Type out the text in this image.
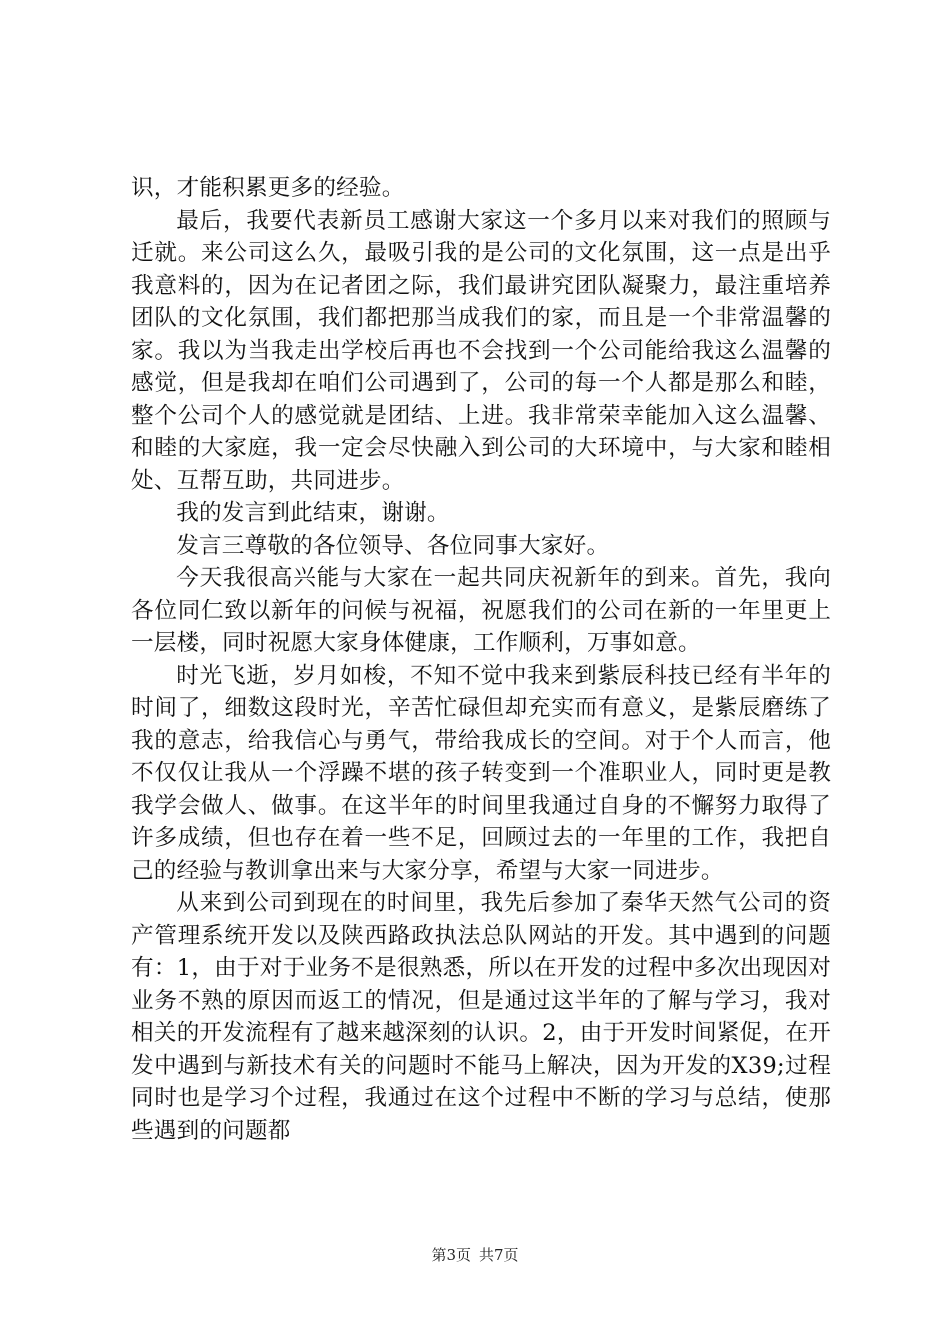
识，才能积累更多的经验。

最后，我要代表新员工感谢大家这一个多月以来对我们的照顾与迁就。来公司这么久，最吸引我的是公司的文化氛围，这一点是出乎我意料的，因为在记者团之际，我们最讲究团队凝聚力，最注重培养团队的文化氛围，我们都把那当成我们的家，而且是一个非常温馨的家。我以为当我走出学校后再也不会找到一个公司能给我这么温馨的感觉，但是我却在咱们公司遇到了，公司的每一个人都是那么和睦，整个公司个人的感觉就是团结、上进。我非常荣幸能加入这么温馨、和睦的大家庭，我一定会尽快融入到公司的大环境中，与大家和睦相处、互帮互助，共同进步。

我的发言到此结束，谢谢。

发言三尊敬的各位领导、各位同事大家好。

今天我很高兴能与大家在一起共同庆祝新年的到来。首先，我向各位同仁致以新年的问候与祝福，祝愿我们的公司在新的一年里更上一层楼，同时祝愿大家身体健康，工作顺利，万事如意。

时光飞逝，岁月如梭，不知不觉中我来到紫辰科技已经有半年的时间了，细数这段时光，辛苦忙碌但却充实而有意义，是紫辰磨练了我的意志，给我信心与勇气，带给我成长的空间。对于个人而言，他不仅仅让我从一个浮躁不堪的孩子转变到一个准职业人，同时更是教我学会做人、做事。在这半年的时间里我通过自身的不懈努力取得了许多成绩，但也存在着一些不足，回顾过去的一年里的工作，我把自己的经验与教训拿出来与大家分享，希望与大家一同进步。

从来到公司到现在的时间里，我先后参加了秦华天然气公司的资产管理系统开发以及陕西路政执法总队网站的开发。其中遇到的问题有：1，由于对于业务不是很熟悉，所以在开发的过程中多次出现因对业务不熟的原因而返工的情况，但是通过这半年的了解与学习，我对相关的开发流程有了越来越深刻的认识。2，由于开发时间紧促，在开发中遇到与新技术有关的问题时不能马上解决，因为开发的X39;过程同时也是学习个过程，我通过在这个过程中不断的学习与总结，使那些遇到的问题都

第3页 共7页
